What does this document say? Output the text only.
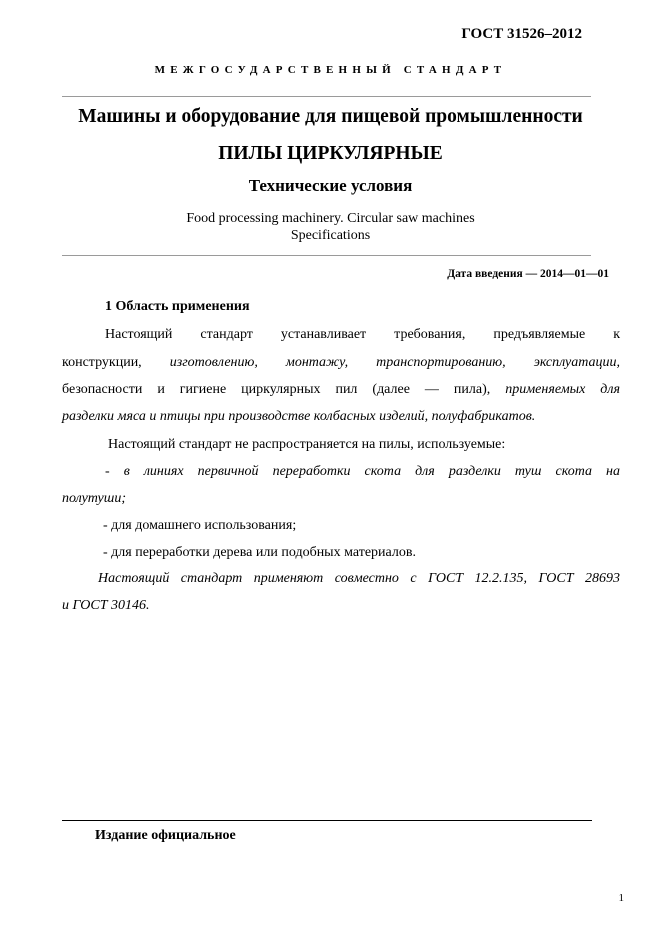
ГОСТ 31526–2012
МЕЖГОСУДАРСТВЕННЫЙ СТАНДАРТ
Машины и оборудование для пищевой промышленности
ПИЛЫ ЦИРКУЛЯРНЫЕ
Технические условия
Food processing machinery. Circular saw machines
Specifications
Дата введения — 2014—01—01
1 Область применения
Настоящий стандарт устанавливает требования, предъявляемые к
конструкции, изготовлению, монтажу, транспортированию, эксплуатации,
безопасности и гигиене циркулярных пил (далее — пила), применяемых для
разделки мяса и птицы при производстве колбасных изделий, полуфабрикатов.
Настоящий стандарт не распространяется на пилы, используемые:
- в линиях первичной переработки скота для разделки туш скота на
полутуши;
- для домашнего использования;
- для переработки дерева или подобных материалов.
Настоящий стандарт применяют совместно с ГОСТ 12.2.135, ГОСТ 28693
и ГОСТ 30146.
Издание официальное
1
